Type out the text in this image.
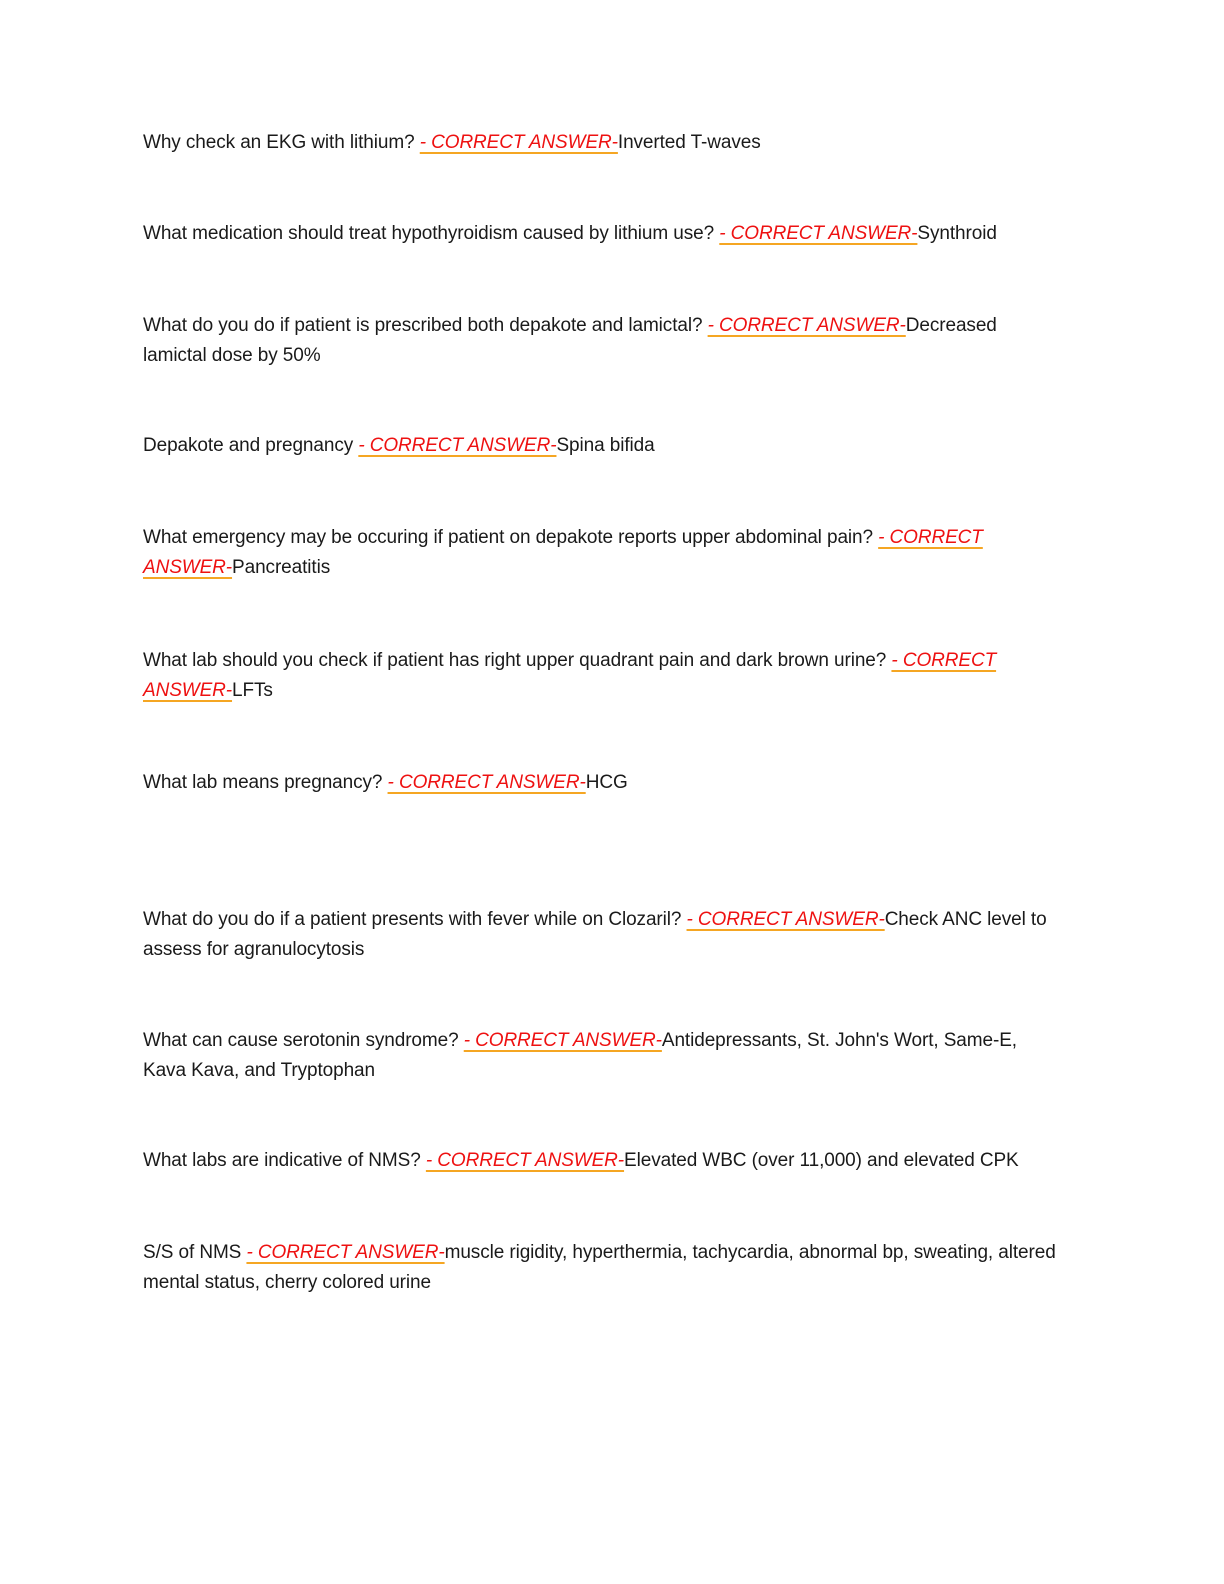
Why check an EKG with lithium? - CORRECT ANSWER-Inverted T-waves

What medication should treat hypothyroidism caused by lithium use? - CORRECT ANSWER-Synthroid

What do you do if patient is prescribed both depakote and lamictal? - CORRECT ANSWER-Decreased lamictal dose by 50%

Depakote and pregnancy - CORRECT ANSWER-Spina bifida

What emergency may be occuring if patient on depakote reports upper abdominal pain? - CORRECT ANSWER-Pancreatitis

What lab should you check if patient has right upper quadrant pain and dark brown urine? - CORRECT ANSWER-LFTs

What lab means pregnancy? - CORRECT ANSWER-HCG

What do you do if a patient presents with fever while on Clozaril? - CORRECT ANSWER-Check ANC level to assess for agranulocytosis

What can cause serotonin syndrome? - CORRECT ANSWER-Antidepressants, St. John's Wort, Same-E, Kava Kava, and Tryptophan

What labs are indicative of NMS? - CORRECT ANSWER-Elevated WBC (over 11,000) and elevated CPK

S/S of NMS - CORRECT ANSWER-muscle rigidity, hyperthermia, tachycardia, abnormal bp, sweating, altered mental status, cherry colored urine
